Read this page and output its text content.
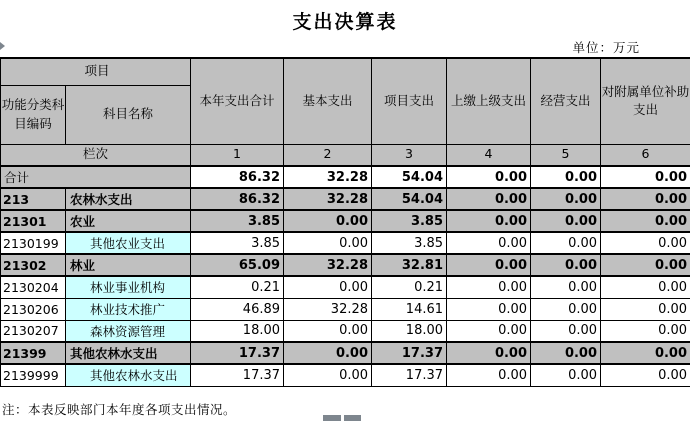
支出决算表
单位：万元
项目		本年支出合计	基本支出	项目支出	上缴上级支出	经营支出	对附属单位补助支出
功能分类科目编码	科目名称						
栏次		1	2	3	4	5	6
合计		86.32	32.28	54.04	0.00	0.00	0.00
213	农林水支出	86.32	32.28	54.04	0.00	0.00	0.00
21301	农业	3.85	0.00	3.85	0.00	0.00	0.00
2130199	其他农业支出	3.85	0.00	3.85	0.00	0.00	0.00
21302	林业	65.09	32.28	32.81	0.00	0.00	0.00
2130204	林业事业机构	0.21	0.00	0.21	0.00	0.00	0.00
2130206	林业技术推广	46.89	32.28	14.61	0.00	0.00	0.00
2130207	森林资源管理	18.00	0.00	18.00	0.00	0.00	0.00
21399	其他农林水支出	17.37	0.00	17.37	0.00	0.00	0.00
2139999	其他农林水支出	17.37	0.00	17.37	0.00	0.00	0.00
注：本表反映部门本年度各项支出情况。
